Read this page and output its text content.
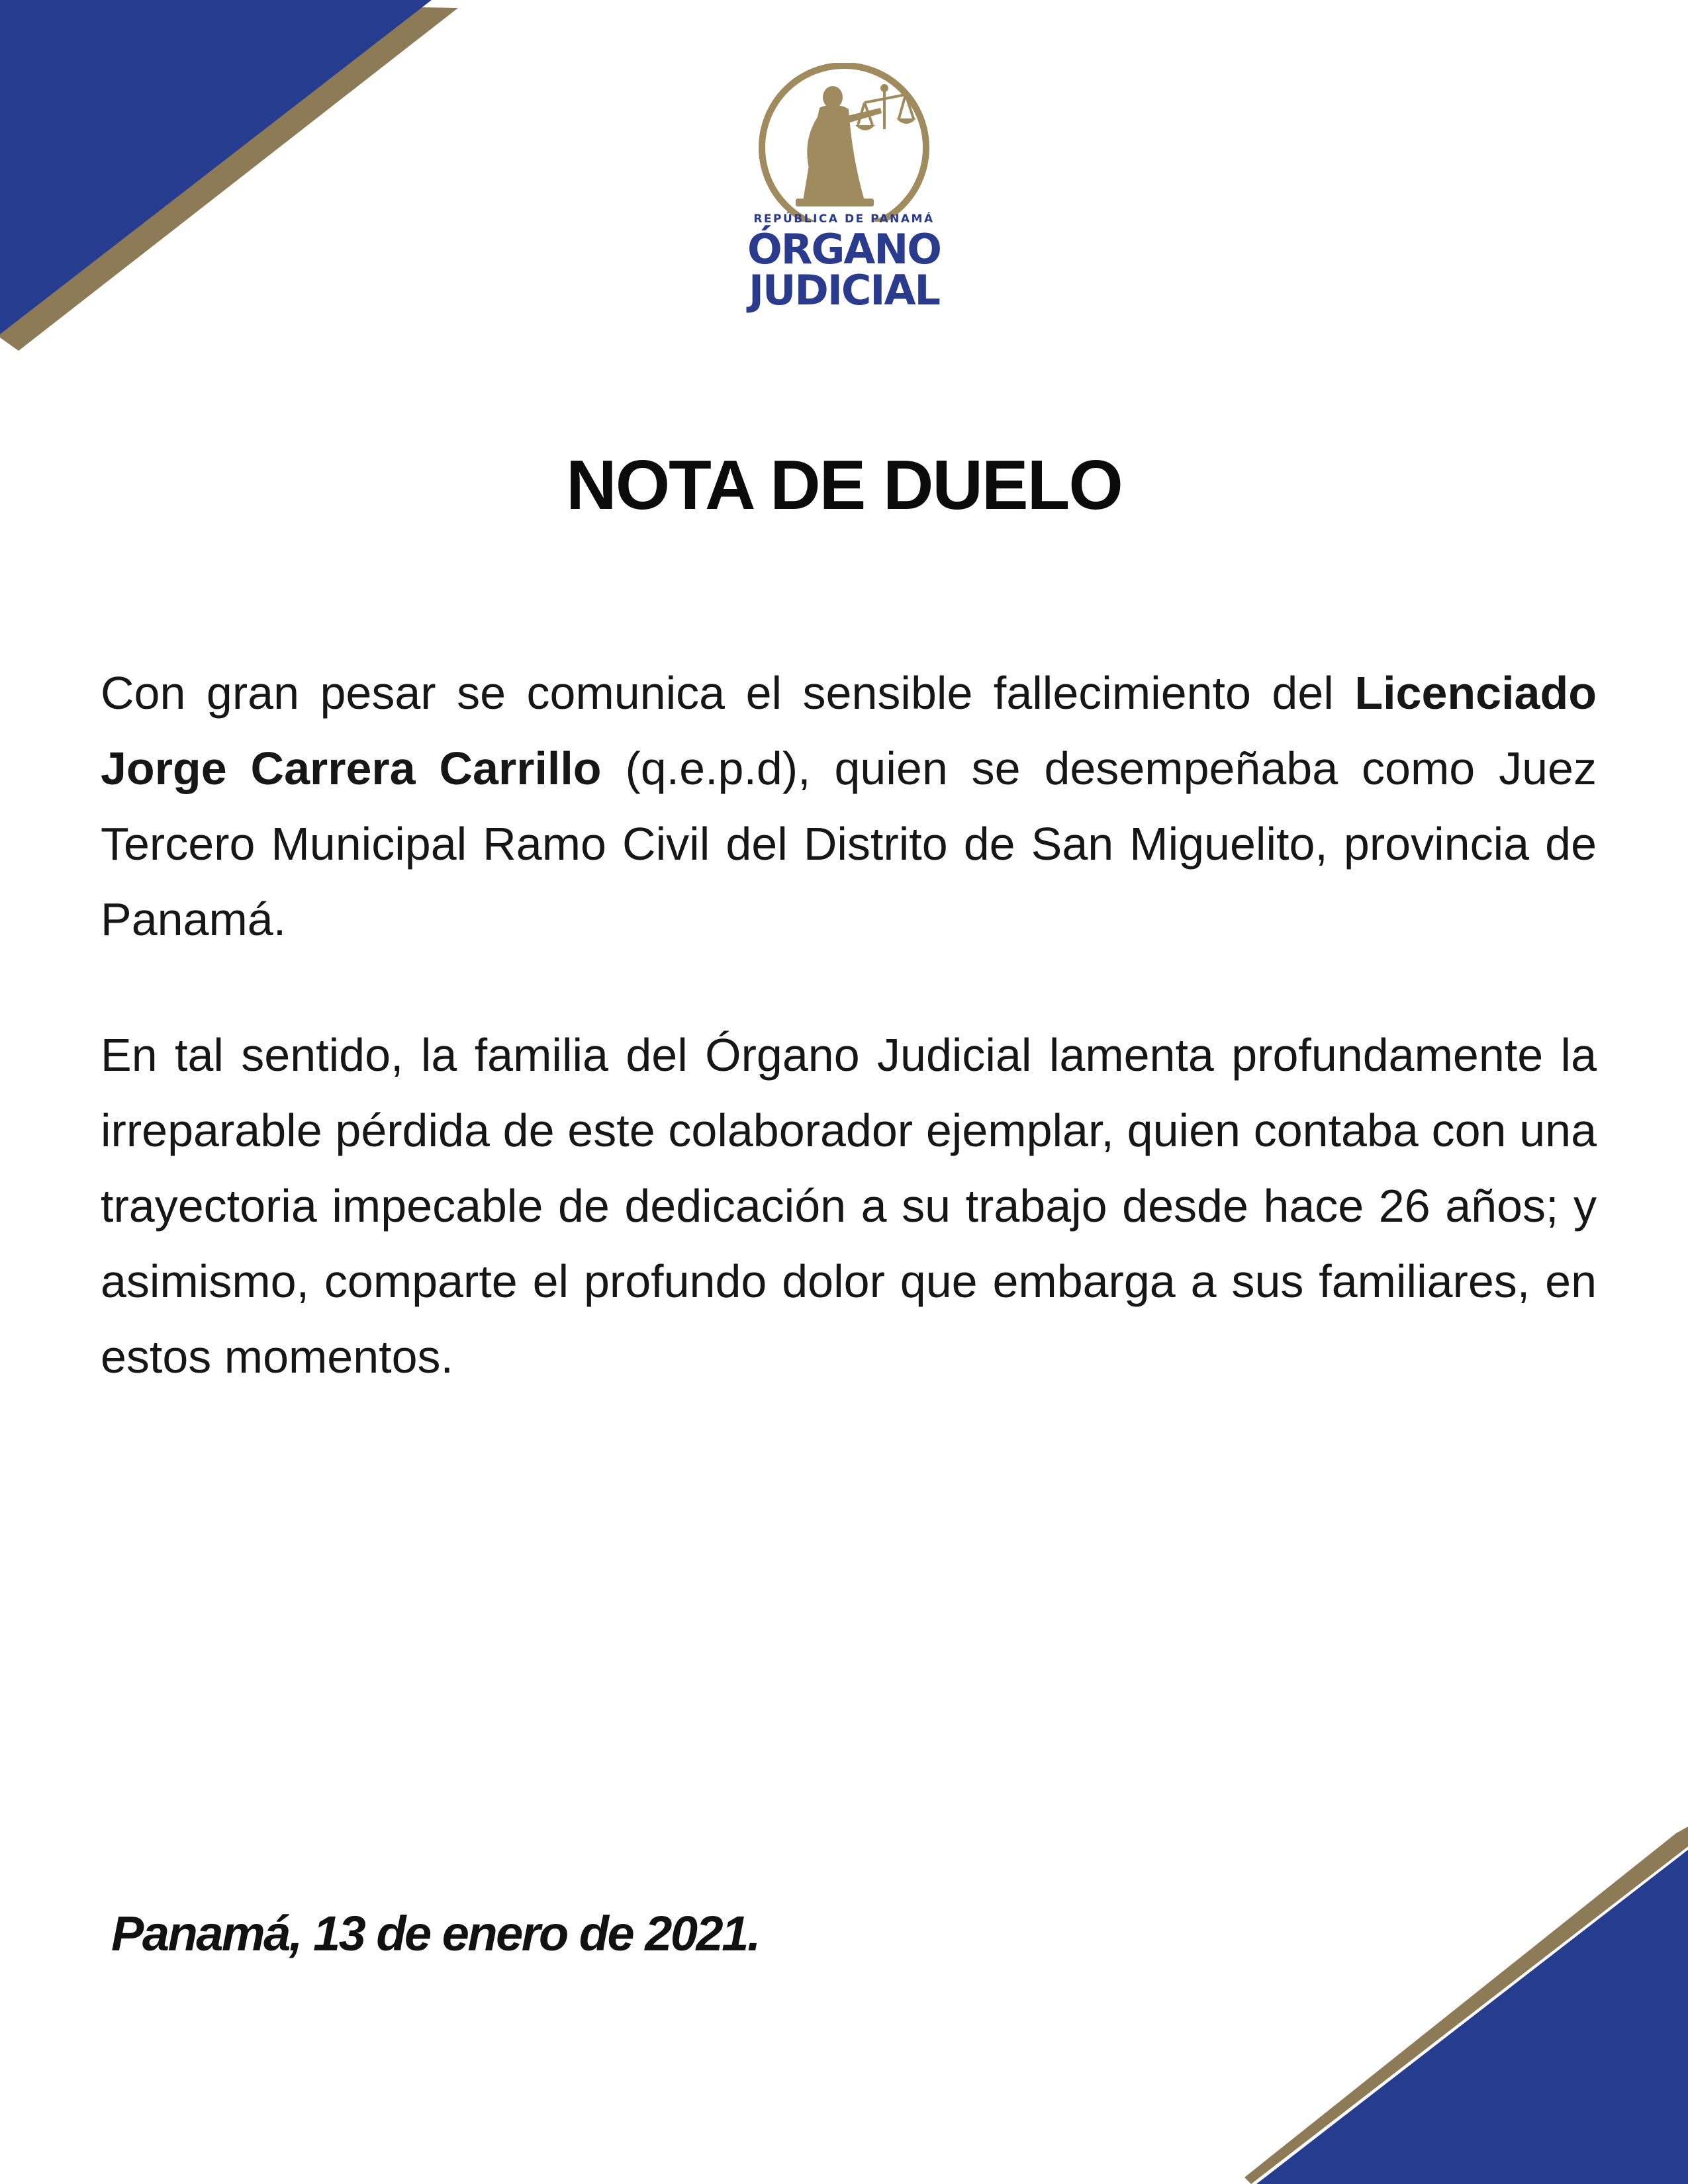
REPÚBLICA DE PANAMÁ
ÓRGANO
JUDICIAL
NOTA DE DUELO

Con gran pesar se comunica el sensible fallecimiento del Licenciado Jorge Carrera Carrillo (q.e.p.d), quien se desempeñaba como Juez Tercero Municipal Ramo Civil del Distrito de San Miguelito, provincia de Panamá.

En tal sentido, la familia del Órgano Judicial lamenta profundamente la irreparable pérdida de este colaborador ejemplar, quien contaba con una trayectoria impecable de dedicación a su trabajo desde hace 26 años; y asimismo, comparte el profundo dolor que embarga a sus familiares, en estos momentos.

Panamá, 13 de enero de 2021.
